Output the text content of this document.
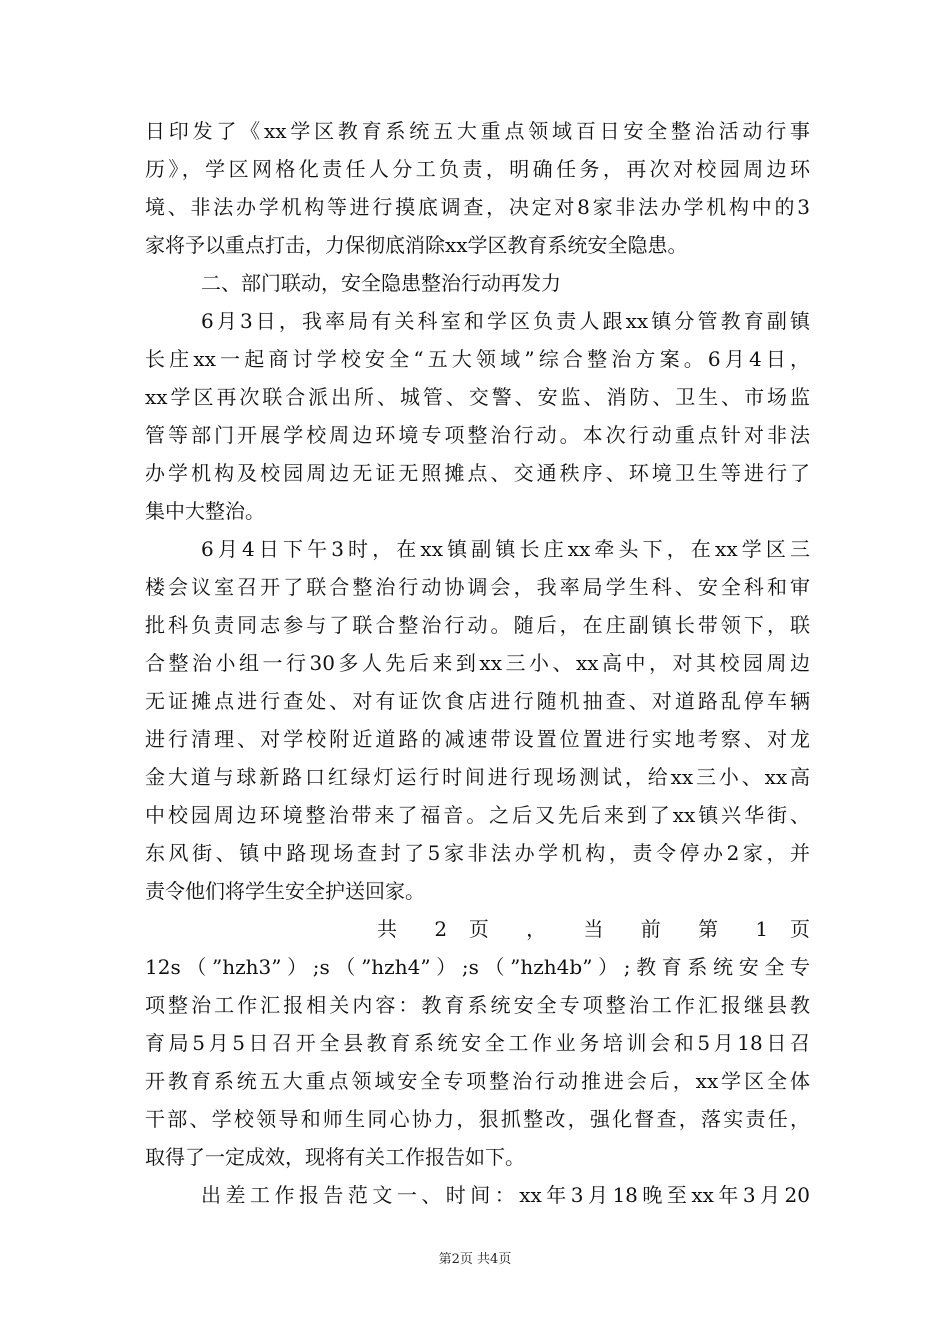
日印发了《xx学区教育系统五大重点领域百日安全整治活动行事
历》，学区网格化责任人分工负责，明确任务，再次对校园周边环
境、非法办学机构等进行摸底调查，决定对8家非法办学机构中的3
家将予以重点打击，力保彻底消除xx学区教育系统安全隐患。
二、部门联动，安全隐患整治行动再发力
6月3日，我率局有关科室和学区负责人跟xx镇分管教育副镇
长庄xx一起商讨学校安全“五大领域”综合整治方案。6月4日，
xx学区再次联合派出所、城管、交警、安监、消防、卫生、市场监
管等部门开展学校周边环境专项整治行动。本次行动重点针对非法
办学机构及校园周边无证无照摊点、交通秩序、环境卫生等进行了
集中大整治。
6月4日下午3时，在xx镇副镇长庄xx牵头下，在xx学区三
楼会议室召开了联合整治行动协调会，我率局学生科、安全科和审
批科负责同志参与了联合整治行动。随后，在庄副镇长带领下，联
合整治小组一行30多人先后来到xx三小、xx高中，对其校园周边
无证摊点进行查处、对有证饮食店进行随机抽查、对道路乱停车辆
进行清理、对学校附近道路的减速带设置位置进行实地考察、对龙
金大道与球新路口红绿灯运行时间进行现场测试，给xx三小、xx高
中校园周边环境整治带来了福音。之后又先后来到了xx镇兴华街、
东风街、镇中路现场查封了5家非法办学机构，责令停办2家，并
责令他们将学生安全护送回家。
共 2 页 ， 当 前 第 1 页
12s（”hzh3”）;s（”hzh4”）;s（”hzh4b”）;教育系统安全专
项整治工作汇报相关内容：教育系统安全专项整治工作汇报继县教
育局5月5日召开全县教育系统安全工作业务培训会和5月18日召
开教育系统五大重点领域安全专项整治行动推进会后，xx学区全体
干部、学校领导和师生同心协力，狠抓整改，强化督查，落实责任，
取得了一定成效，现将有关工作报告如下。
出差工作报告范文一、时间：xx年3月18晚至xx年3月20
第2页 共4页
